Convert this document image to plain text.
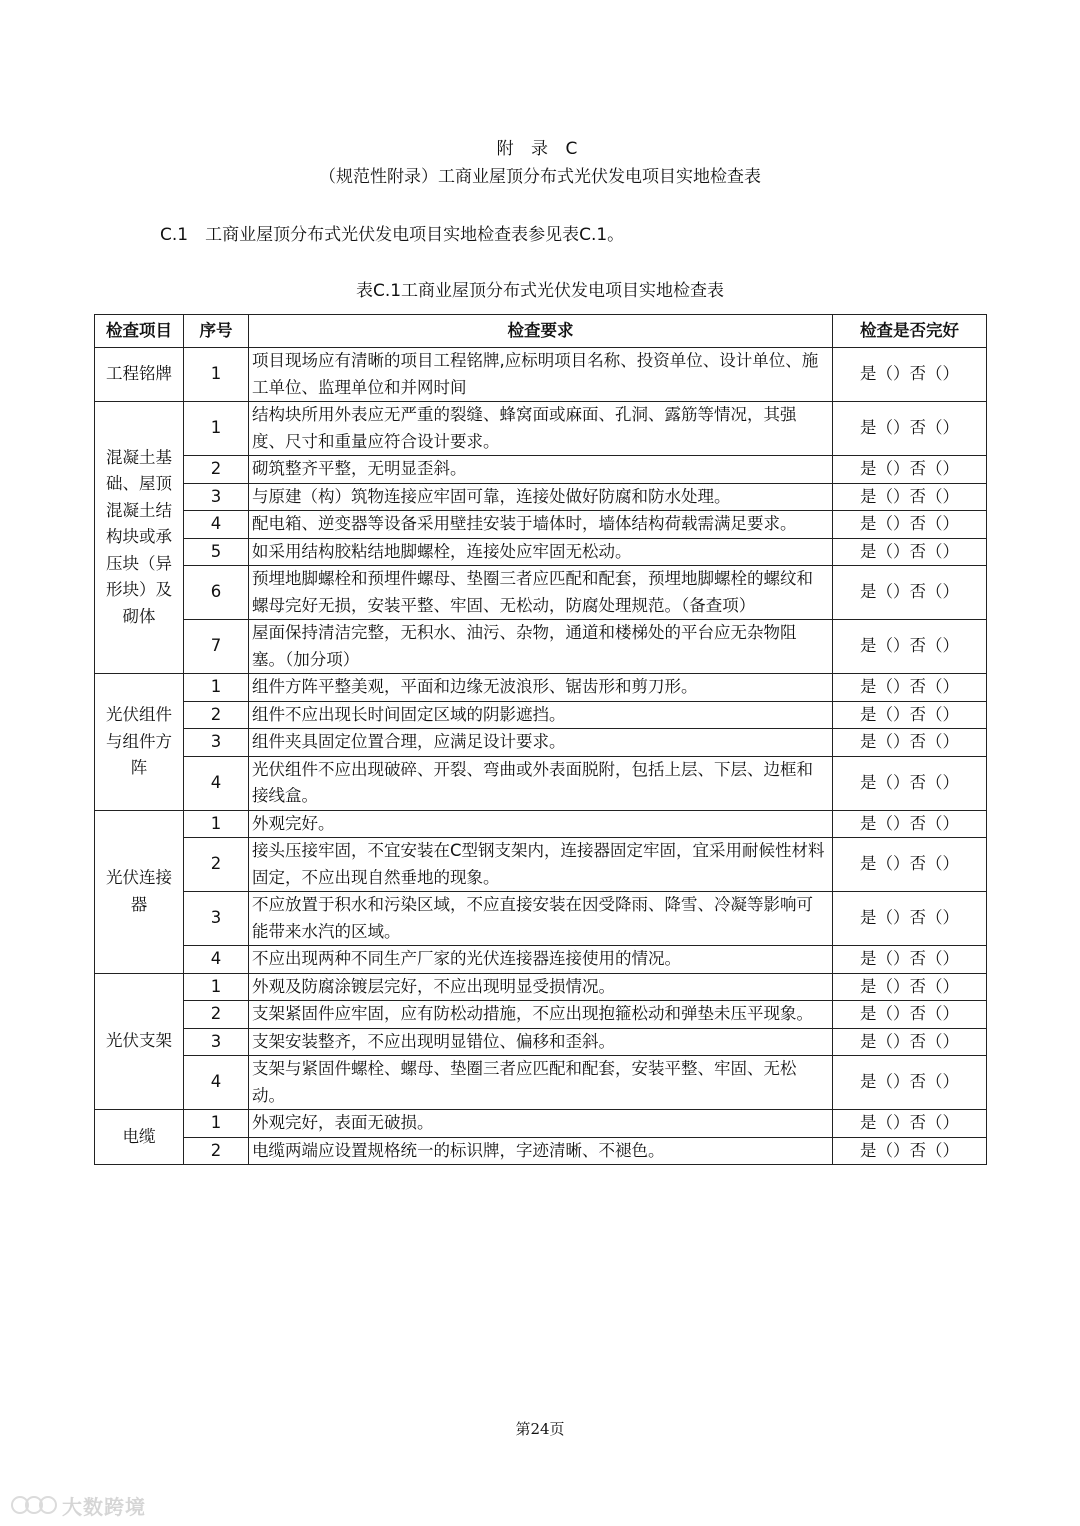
附 录 C
（规范性附录）工商业屋顶分布式光伏发电项目实地检查表
C.1　工商业屋顶分布式光伏发电项目实地检查表参见表C.1。
表C.1工商业屋顶分布式光伏发电项目实地检查表
检查项目	序号	检查要求	检查是否完好
工程铭牌	1	项目现场应有清晰的项目工程铭牌,应标明项目名称、投资单位、设计单位、施工单位、监理单位和并网时间	是（）否（）
混凝土基础、屋顶混凝土结构块或承压块（异形块）及砌体	1	结构块所用外表应无严重的裂缝、蜂窝面或麻面、孔洞、露筋等情况，其强度、尺寸和重量应符合设计要求。	是（）否（）
	2	砌筑整齐平整，无明显歪斜。	是（）否（）
	3	与原建（构）筑物连接应牢固可靠，连接处做好防腐和防水处理。	是（）否（）
	4	配电箱、逆变器等设备采用壁挂安装于墙体时，墙体结构荷载需满足要求。	是（）否（）
	5	如采用结构胶粘结地脚螺栓，连接处应牢固无松动。	是（）否（）
	6	预埋地脚螺栓和预埋件螺母、垫圈三者应匹配和配套，预埋地脚螺栓的螺纹和螺母完好无损，安装平整、牢固、无松动，防腐处理规范。（备查项）	是（）否（）
	7	屋面保持清洁完整，无积水、油污、杂物，通道和楼梯处的平台应无杂物阻塞。（加分项）	是（）否（）
光伏组件与组件方阵	1	组件方阵平整美观，平面和边缘无波浪形、锯齿形和剪刀形。	是（）否（）
	2	组件不应出现长时间固定区域的阴影遮挡。	是（）否（）
	3	组件夹具固定位置合理，应满足设计要求。	是（）否（）
	4	光伏组件不应出现破碎、开裂、弯曲或外表面脱附，包括上层、下层、边框和接线盒。	是（）否（）
光伏连接器	1	外观完好。	是（）否（）
	2	接头压接牢固，不宜安装在C型钢支架内，连接器固定牢固，宜采用耐候性材料固定，不应出现自然垂地的现象。	是（）否（）
	3	不应放置于积水和污染区域，不应直接安装在因受降雨、降雪、冷凝等影响可能带来水汽的区域。	是（）否（）
	4	不应出现两种不同生产厂家的光伏连接器连接使用的情况。	是（）否（）
光伏支架	1	外观及防腐涂镀层完好，不应出现明显受损情况。	是（）否（）
	2	支架紧固件应牢固，应有防松动措施，不应出现抱箍松动和弹垫未压平现象。	是（）否（）
	3	支架安装整齐，不应出现明显错位、偏移和歪斜。	是（）否（）
	4	支架与紧固件螺栓、螺母、垫圈三者应匹配和配套，安装平整、牢固、无松动。	是（）否（）
电缆	1	外观完好，表面无破损。	是（）否（）
	2	电缆两端应设置规格统一的标识牌，字迹清晰、不褪色。	是（）否（）
第24页
大数跨境
